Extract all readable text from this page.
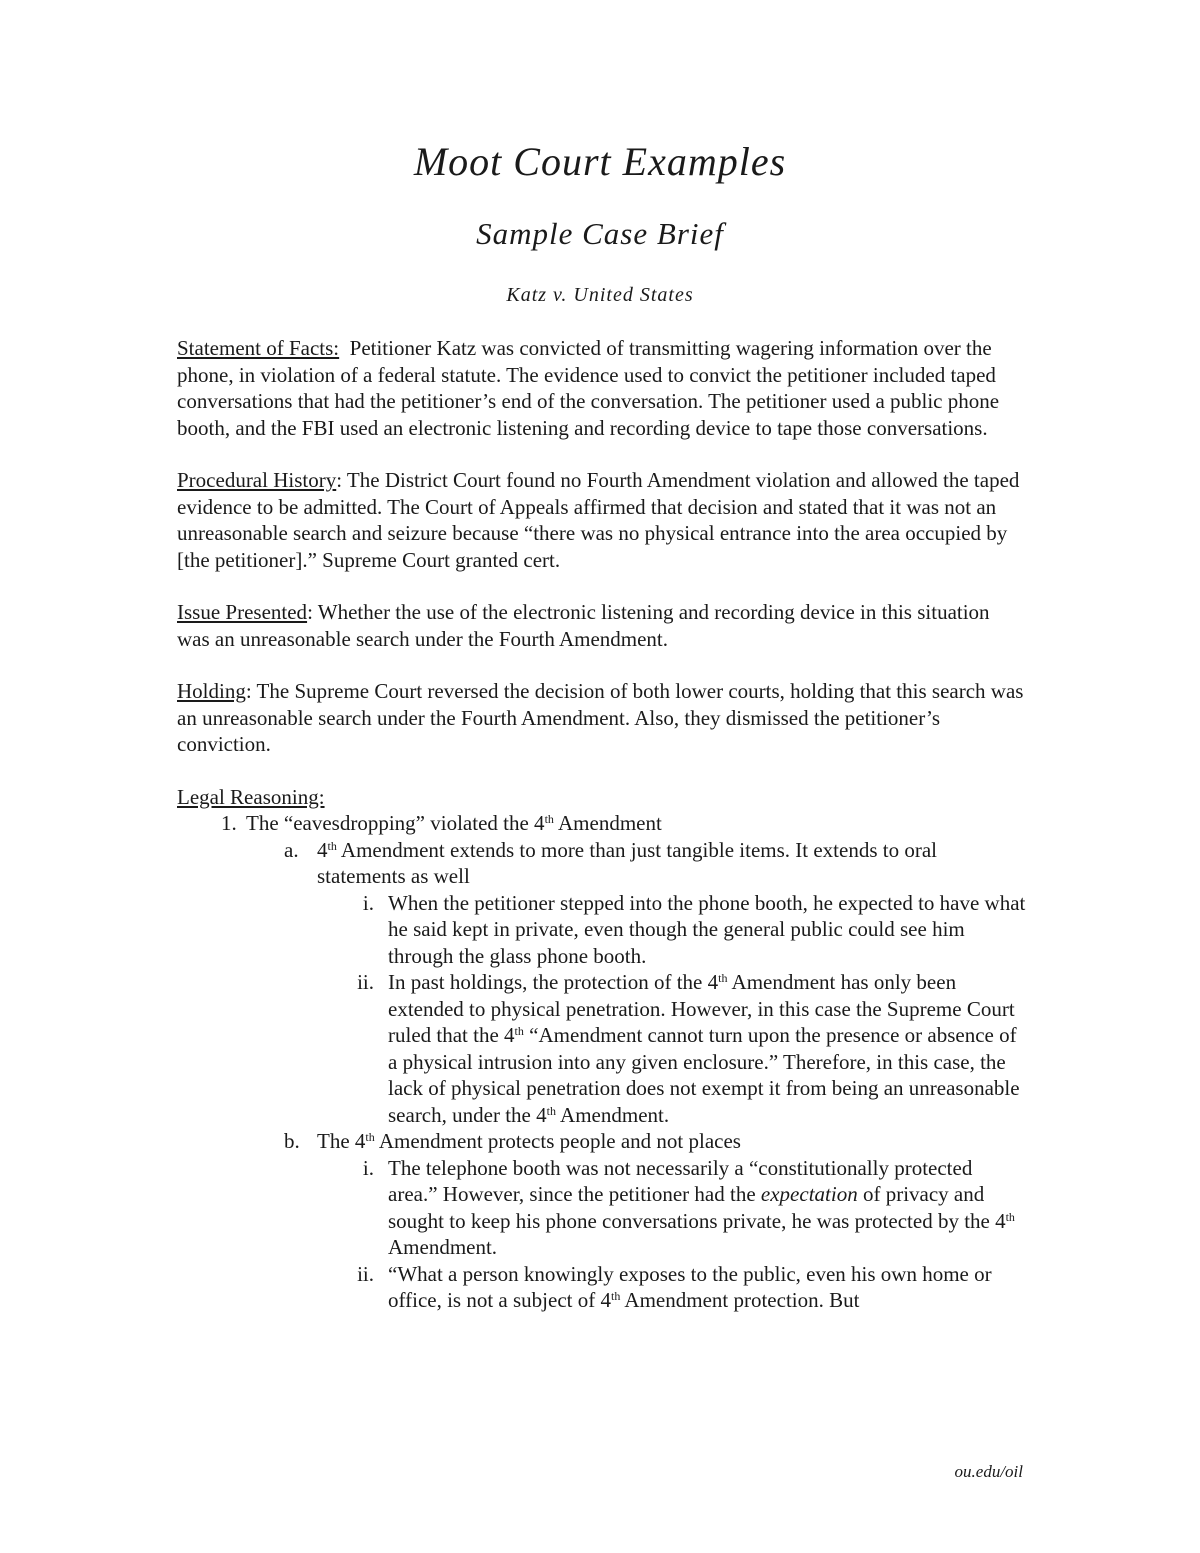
Moot Court Examples
Sample Case Brief
Katz v. United States

Statement of Facts: Petitioner Katz was convicted of transmitting wagering information over the phone, in violation of a federal statute. The evidence used to convict the petitioner included taped conversations that had the petitioner’s end of the conversation. The petitioner used a public phone booth, and the FBI used an electronic listening and recording device to tape those conversations.

Procedural History: The District Court found no Fourth Amendment violation and allowed the taped evidence to be admitted. The Court of Appeals affirmed that decision and stated that it was not an unreasonable search and seizure because “there was no physical entrance into the area occupied by [the petitioner].” Supreme Court granted cert.

Issue Presented: Whether the use of the electronic listening and recording device in this situation was an unreasonable search under the Fourth Amendment.

Holding: The Supreme Court reversed the decision of both lower courts, holding that this search was an unreasonable search under the Fourth Amendment. Also, they dismissed the petitioner’s conviction.

Legal Reasoning:
1. The “eavesdropping” violated the 4th Amendment
a. 4th Amendment extends to more than just tangible items. It extends to oral statements as well
i. When the petitioner stepped into the phone booth, he expected to have what he said kept in private, even though the general public could see him through the glass phone booth.
ii. In past holdings, the protection of the 4th Amendment has only been extended to physical penetration. However, in this case the Supreme Court ruled that the 4th “Amendment cannot turn upon the presence or absence of a physical intrusion into any given enclosure.” Therefore, in this case, the lack of physical penetration does not exempt it from being an unreasonable search, under the 4th Amendment.
b. The 4th Amendment protects people and not places
i. The telephone booth was not necessarily a “constitutionally protected area.” However, since the petitioner had the expectation of privacy and sought to keep his phone conversations private, he was protected by the 4th Amendment.
ii. “What a person knowingly exposes to the public, even his own home or office, is not a subject of 4th Amendment protection. But
ou.edu/oil
